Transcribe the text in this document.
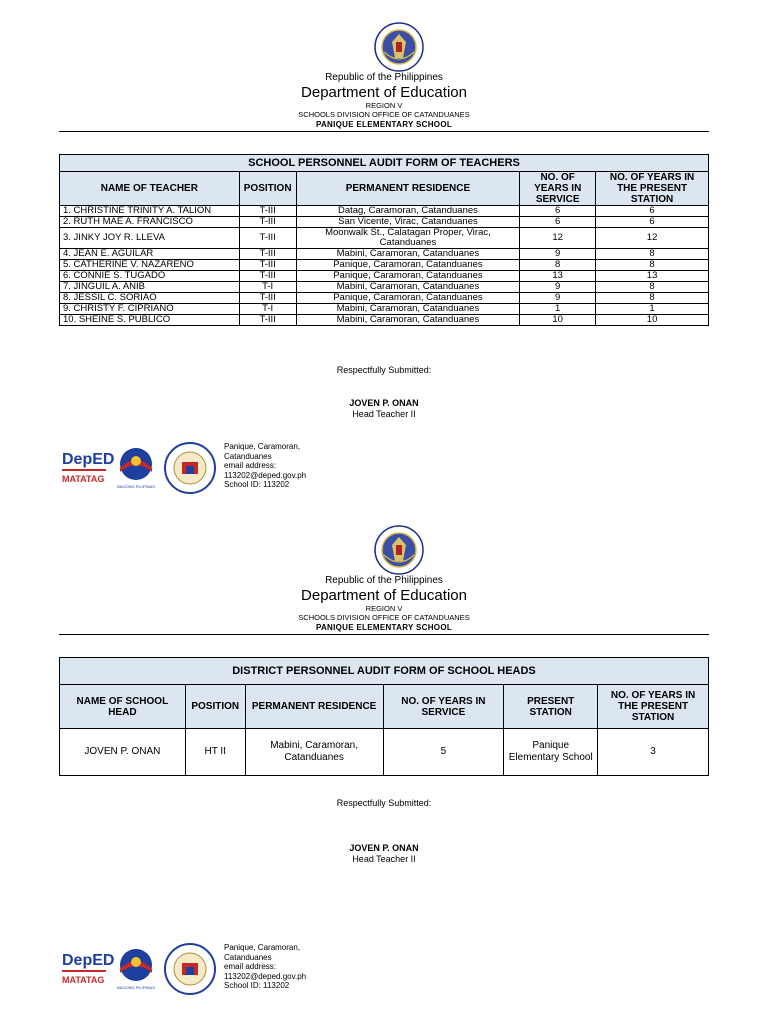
Republic of the Philippines
Department of Education
REGION V
SCHOOLS DIVISION OFFICE OF CATANDUANES
PANIQUE ELEMENTARY SCHOOL
SCHOOL PERSONNEL AUDIT FORM OF TEACHERS				
NAME OF TEACHER	POSITION	PERMANENT RESIDENCE	NO. OF YEARS IN SERVICE	NO. OF YEARS IN THE PRESENT STATION
1. CHRISTINE TRINITY A. TALION	T-III	Datag, Caramoran, Catanduanes	6	6
2. RUTH MAE A. FRANCISCO	T-III	San Vicente, Virac, Catanduanes	6	6
3. JINKY JOY R. LLEVA	T-III	Moonwalk St., Calatagan Proper, Virac, Catanduanes	12	12
4. JEAN E. AGUILAR	T-III	Mabini, Caramoran, Catanduanes	9	8
5. CATHERINE V. NAZARENO	T-III	Panique, Caramoran, Catanduanes	8	8
6. CONNIE S. TUGADO	T-III	Panique, Caramoran, Catanduanes	13	13
7. JINGUIL A. ANIB	T-I	Mabini, Caramoran, Catanduanes	9	8
8. JESSIL C. SORIAO	T-III	Panique, Caramoran, Catanduanes	9	8
9. CHRISTY F. CIPRIANO	T-I	Mabini, Caramoran, Catanduanes	1	1
10. SHEINE S. PUBLICO	T-III	Mabini, Caramoran, Catanduanes	10	10
Respectfully Submitted:
JOVEN P. ONAN
Head Teacher II
DepED
MATATAG
BAGONG PILIPINAS
Panique, Caramoran,
Catanduanes
email address:
113202@deped.gov.ph
School ID: 113202
Republic of the Philippines
Department of Education
REGION V
SCHOOLS DIVISION OFFICE OF CATANDUANES
PANIQUE ELEMENTARY SCHOOL
DISTRICT PERSONNEL AUDIT FORM OF SCHOOL HEADS					
NAME OF SCHOOL HEAD	POSITION	PERMANENT RESIDENCE	NO. OF YEARS IN SERVICE	PRESENT STATION	NO. OF YEARS IN THE PRESENT STATION
JOVEN P. ONAN	HT II	Mabini, Caramoran, Catanduanes	5	Panique Elementary School	3
Respectfully Submitted:
JOVEN P. ONAN
Head Teacher II
DepED
MATATAG
BAGONG PILIPINAS
Panique, Caramoran,
Catanduanes
email address:
113202@deped.gov.ph
School ID: 113202
